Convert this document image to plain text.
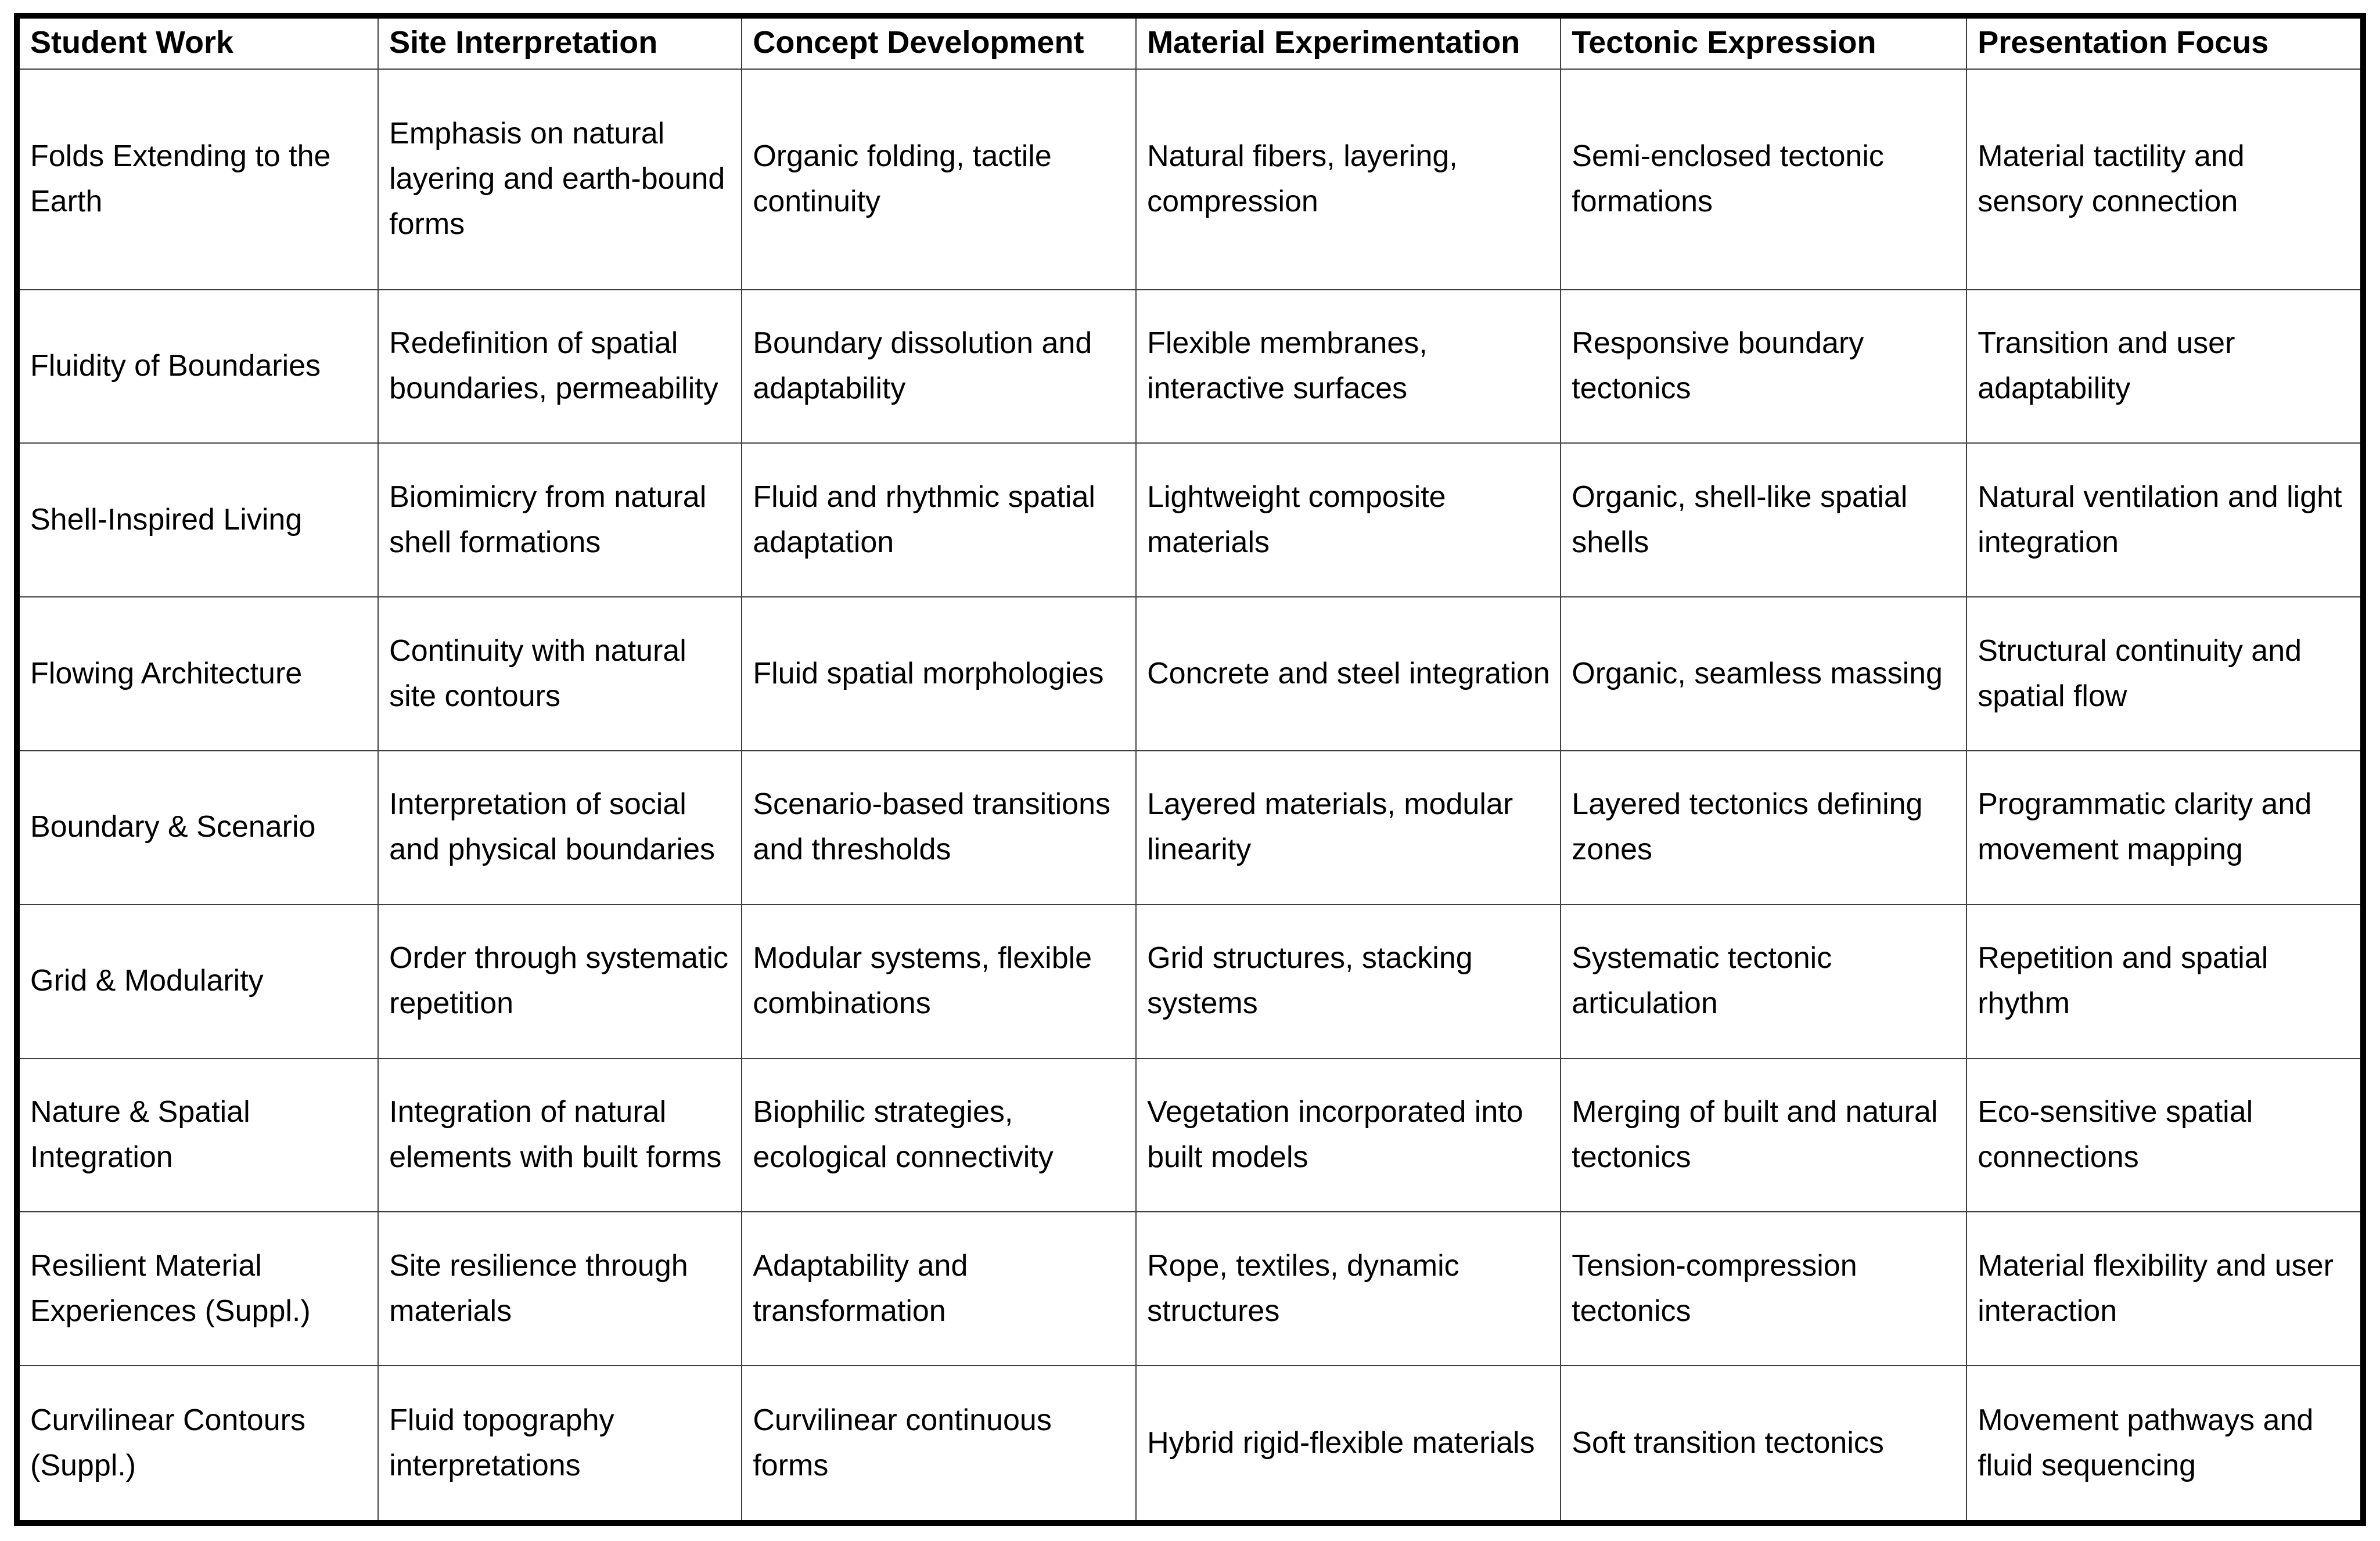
Student Work	Site Interpretation	Concept Development	Material Experimentation	Tectonic Expression	Presentation Focus
Folds Extending to the Earth	Emphasis on natural layering and earth-bound forms	Organic folding, tactile continuity	Natural fibers, layering, compression	Semi-enclosed tectonic formations	Material tactility and sensory connection
Fluidity of Boundaries	Redefinition of spatial boundaries, permeability	Boundary dissolution and adaptability	Flexible membranes, interactive surfaces	Responsive boundary tectonics	Transition and user adaptability
Shell-Inspired Living	Biomimicry from natural shell formations	Fluid and rhythmic spatial adaptation	Lightweight composite materials	Organic, shell-like spatial shells	Natural ventilation and light integration
Flowing Architecture	Continuity with natural site contours	Fluid spatial morphologies	Concrete and steel integration	Organic, seamless massing	Structural continuity and spatial flow
Boundary & Scenario	Interpretation of social and physical boundaries	Scenario-based transitions and thresholds	Layered materials, modular linearity	Layered tectonics defining zones	Programmatic clarity and movement mapping
Grid & Modularity	Order through systematic repetition	Modular systems, flexible combinations	Grid structures, stacking systems	Systematic tectonic articulation	Repetition and spatial rhythm
Nature & Spatial Integration	Integration of natural elements with built forms	Biophilic strategies, ecological connectivity	Vegetation incorporated into built models	Merging of built and natural tectonics	Eco-sensitive spatial connections
Resilient Material Experiences (Suppl.)	Site resilience through materials	Adaptability and transformation	Rope, textiles, dynamic structures	Tension-compression tectonics	Material flexibility and user interaction
Curvilinear Contours (Suppl.)	Fluid topography interpretations	Curvilinear continuous forms	Hybrid rigid-flexible materials	Soft transition tectonics	Movement pathways and fluid sequencing
